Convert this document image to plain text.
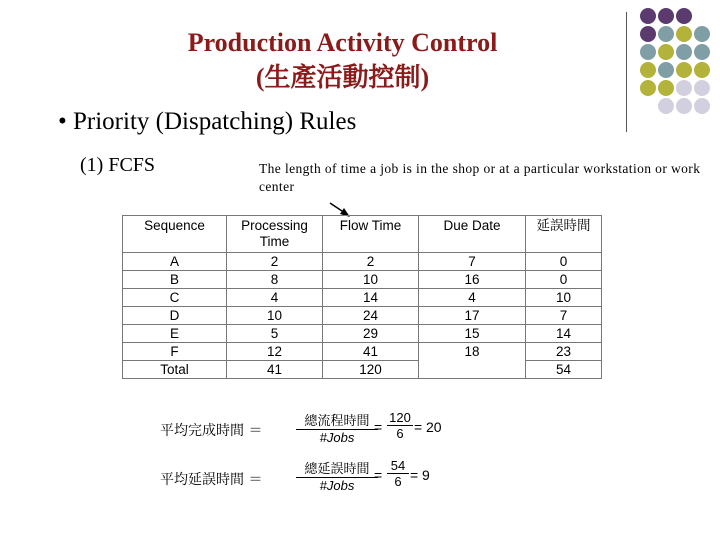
Production Activity Control
(生產活動控制)
• Priority (Dispatching) Rules
(1) FCFS	The length of time a job is in the shop or at a particular workstation or work center
Sequence	Processing Time	Flow Time	Due Date	延誤時間
A	2	2	7	0
B	8	10	16	0
C	4	14	4	10
D	10	24	17	7
E	5	29	15	14
F	12	41	18	23
Total	41	120		54
平均完成時間 ＝
總流程時間
#Jobs
= $\frac{120}{6} = 20$
平均延誤時間 ＝
總延誤時間
#Jobs
= $\frac{54}{6} = 9$
